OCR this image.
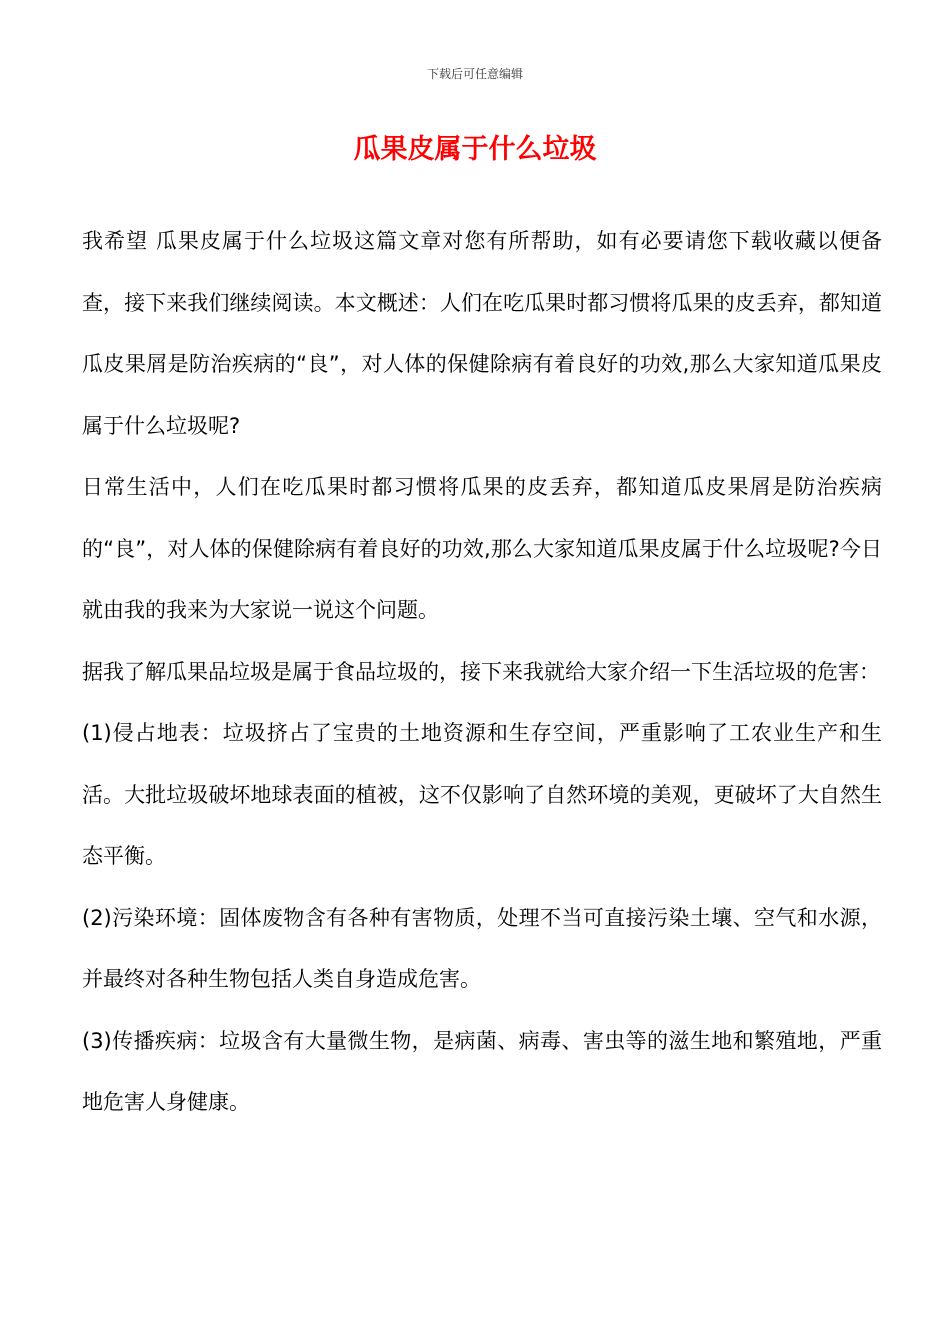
下载后可任意编辑
瓜果皮属于什么垃圾

我希望 瓜果皮属于什么垃圾这篇文章对您有所帮助，如有必要请您下载收藏以便备查，接下来我们继续阅读。本文概述：人们在吃瓜果时都习惯将瓜果的皮丢弃，都知道瓜皮果屑是防治疾病的“良”，对人体的保健除病有着良好的功效,那么大家知道瓜果皮属于什么垃圾呢?

日常生活中，人们在吃瓜果时都习惯将瓜果的皮丢弃，都知道瓜皮果屑是防治疾病的“良”，对人体的保健除病有着良好的功效,那么大家知道瓜果皮属于什么垃圾呢?今日就由我的我来为大家说一说这个问题。

据我了解瓜果品垃圾是属于食品垃圾的，接下来我就给大家介绍一下生活垃圾的危害：

(1)侵占地表：垃圾挤占了宝贵的土地资源和生存空间，严重影响了工农业生产和生活。大批垃圾破坏地球表面的植被，这不仅影响了自然环境的美观，更破坏了大自然生态平衡。

(2)污染环境：固体废物含有各种有害物质，处理不当可直接污染土壤、空气和水源，并最终对各种生物包括人类自身造成危害。

(3)传播疾病：垃圾含有大量微生物，是病菌、病毒、害虫等的滋生地和繁殖地，严重地危害人身健康。
